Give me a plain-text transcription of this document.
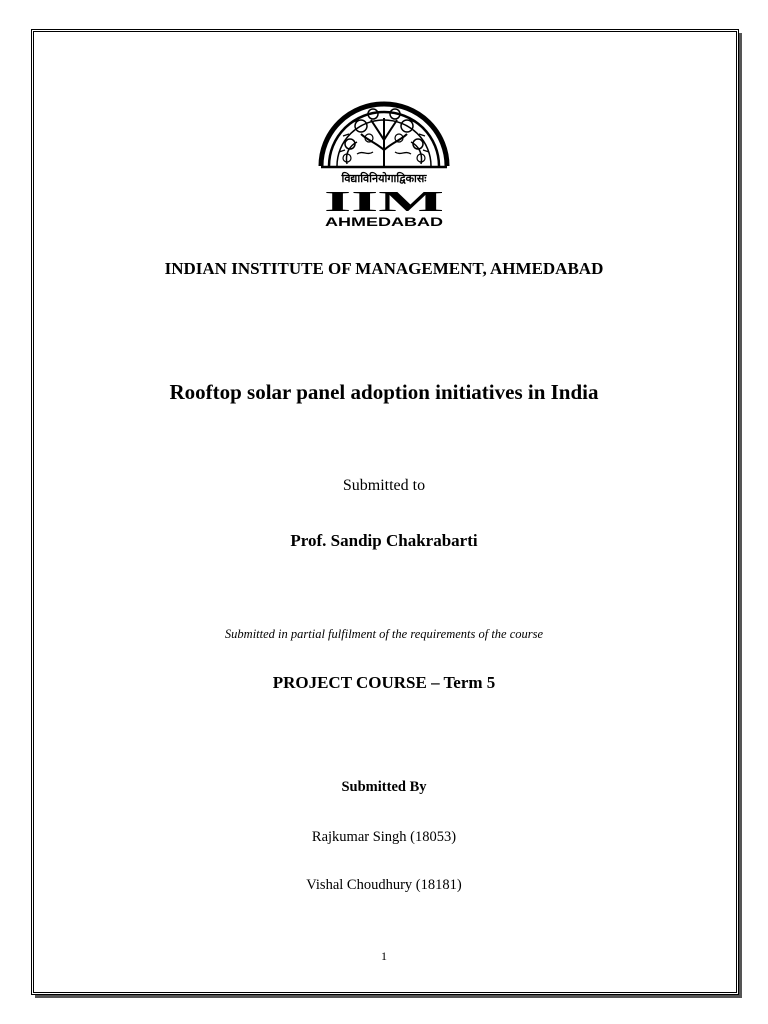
विद्याविनियोगाद्विकासः
IIM
AHMEDABAD
INDIAN INSTITUTE OF MANAGEMENT, AHMEDABAD
Rooftop solar panel adoption initiatives in India
Submitted to
Prof. Sandip Chakrabarti
Submitted in partial fulfilment of the requirements of the course
PROJECT COURSE – Term 5
Submitted By
Rajkumar Singh (18053)
Vishal Choudhury (18181)
1
